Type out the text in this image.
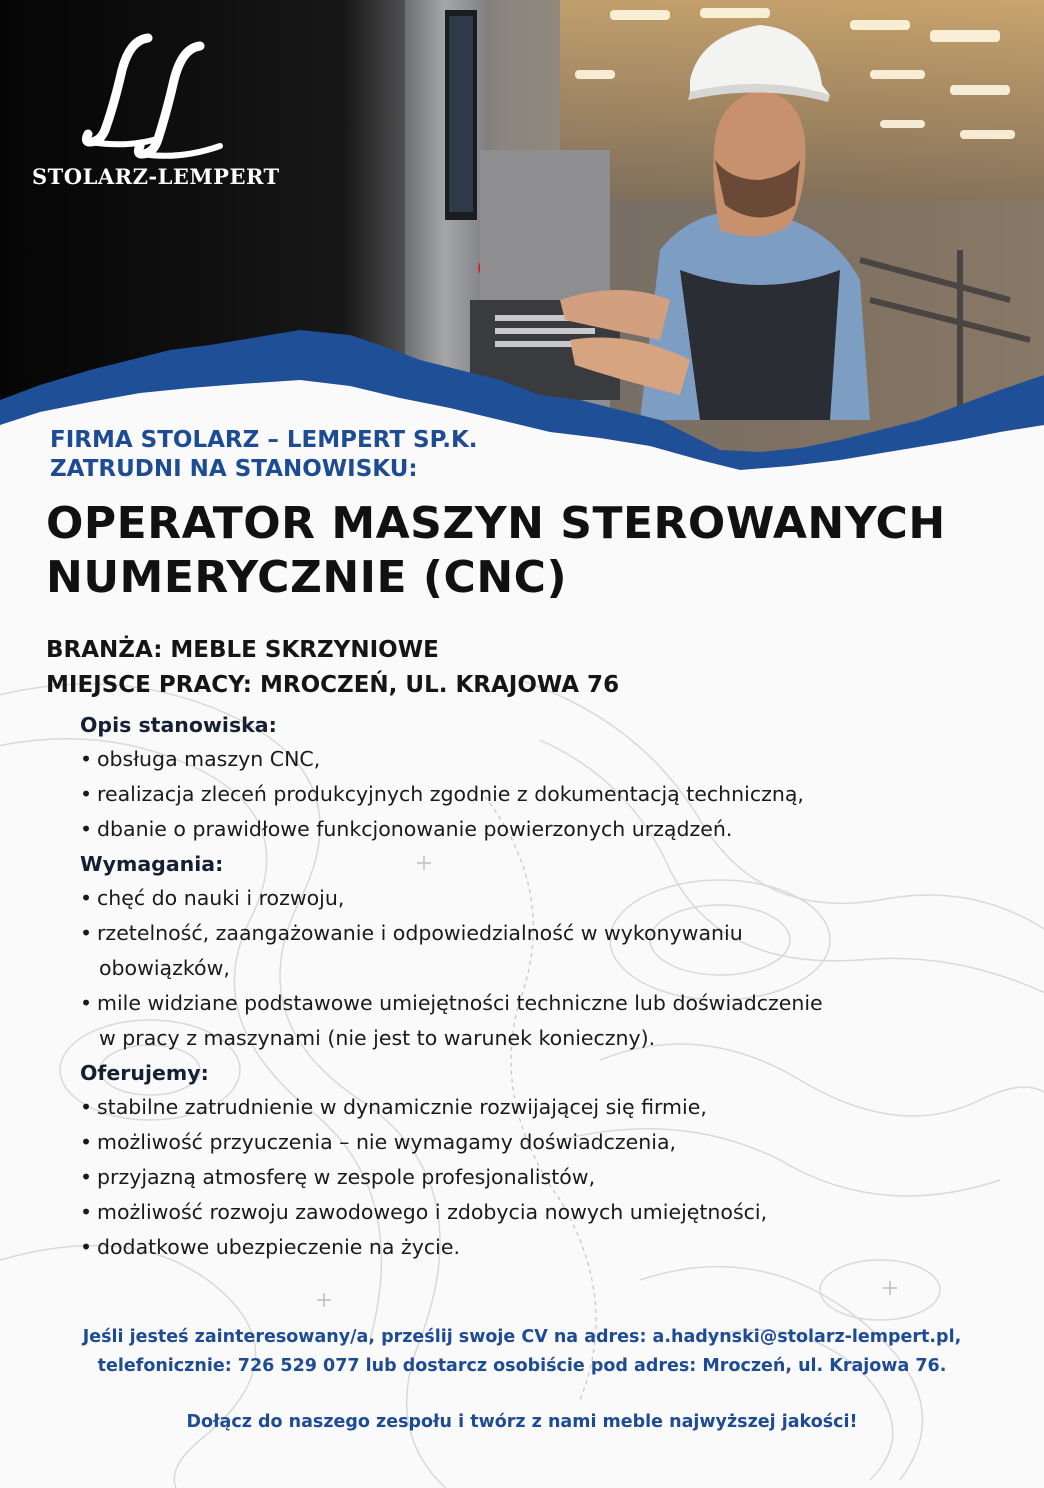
STOLARZ-LEMPERT
FIRMA STOLARZ – LEMPERT SP.K.
ZATRUDNI NA STANOWISKU:
OPERATOR MASZYN STEROWANYCH
NUMERYCZNIE (CNC)
BRANŻA: MEBLE SKRZYNIOWE
MIEJSCE PRACY: MROCZEŃ, UL. KRAJOWA 76
Opis stanowiska:
• obsługa maszyn CNC,
• realizacja zleceń produkcyjnych zgodnie z dokumentacją techniczną,
• dbanie o prawidłowe funkcjonowanie powierzonych urządzeń.
Wymagania:
• chęć do nauki i rozwoju,
• rzetelność, zaangażowanie i odpowiedzialność w wykonywaniu
obowiązków,
• mile widziane podstawowe umiejętności techniczne lub doświadczenie
w pracy z maszynami (nie jest to warunek konieczny).
Oferujemy:
• stabilne zatrudnienie w dynamicznie rozwijającej się firmie,
• możliwość przyuczenia – nie wymagamy doświadczenia,
• przyjazną atmosferę w zespole profesjonalistów,
• możliwość rozwoju zawodowego i zdobycia nowych umiejętności,
• dodatkowe ubezpieczenie na życie.
Jeśli jesteś zainteresowany/a, prześlij swoje CV na adres: a.hadynski@stolarz-lempert.pl,
telefonicznie: 726 529 077 lub dostarcz osobiście pod adres: Mroczeń, ul. Krajowa 76.
Dołącz do naszego zespołu i twórz z nami meble najwyższej jakości!
